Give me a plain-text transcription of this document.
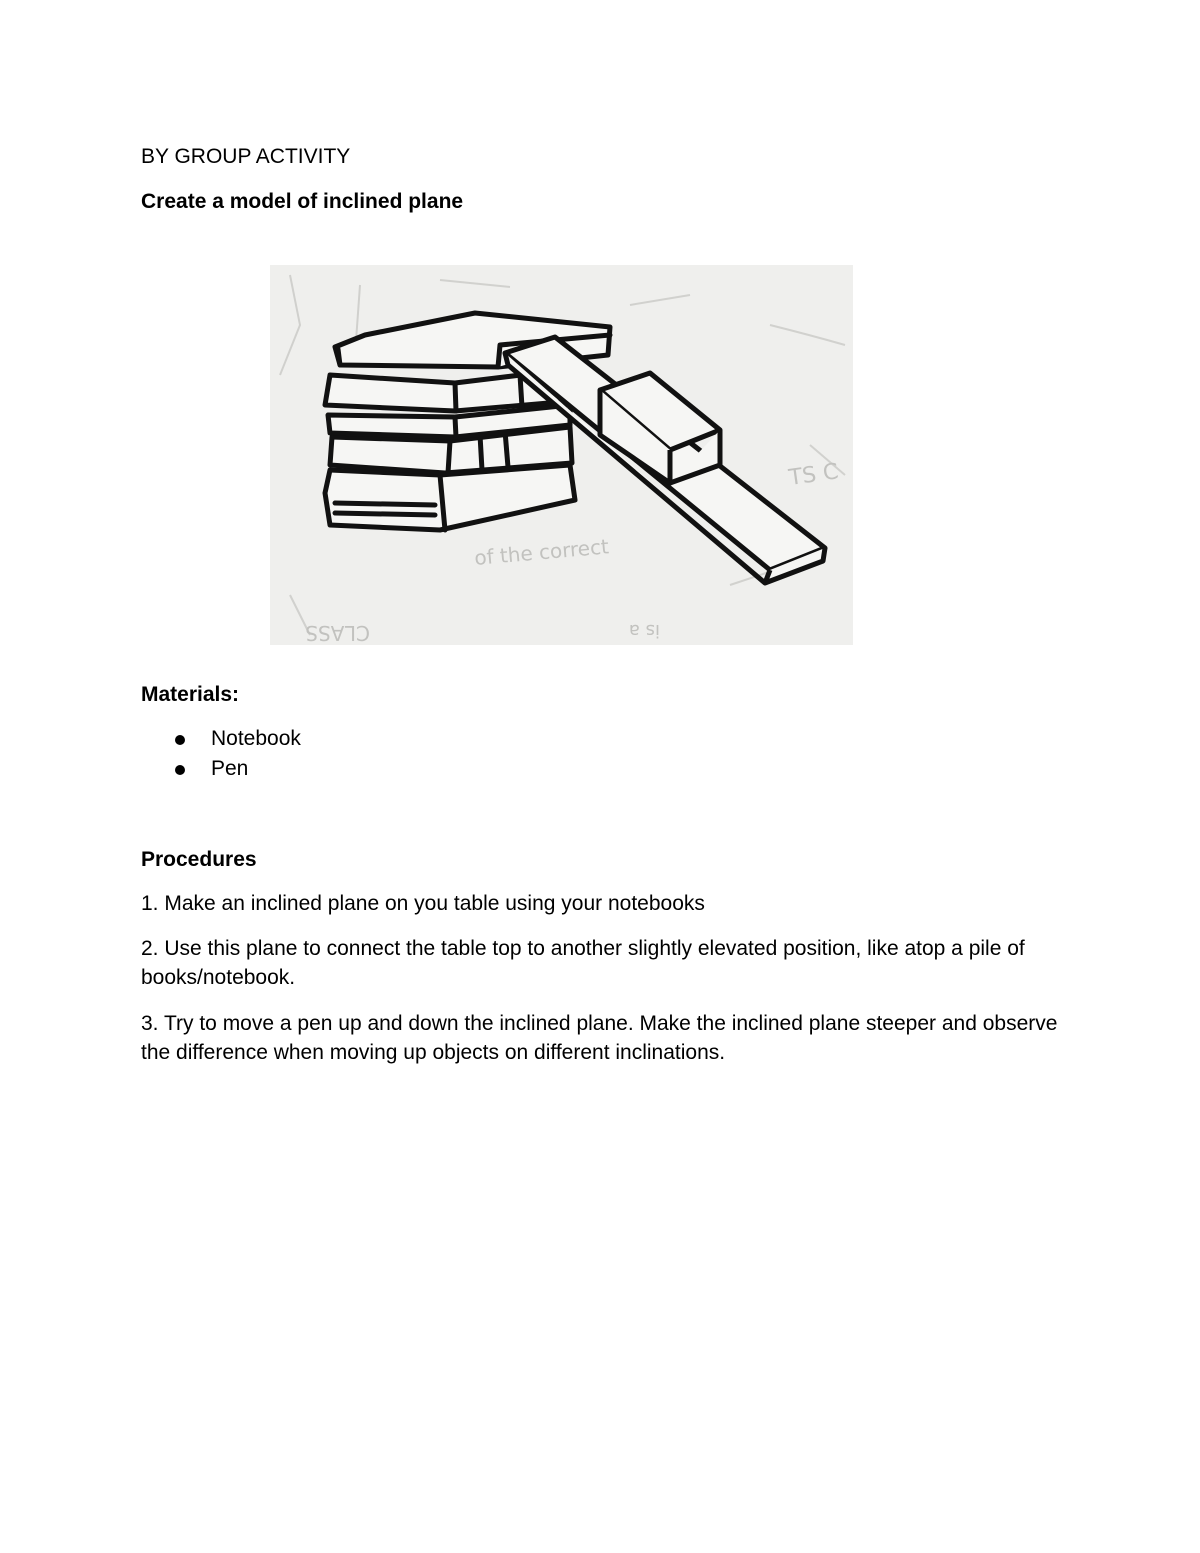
BY GROUP ACTIVITY
Create a model of inclined plane
TS C
of the correct
CLASS	is a
Materials:
Notebook
Pen
Procedures
1. Make an inclined plane on you table using your notebooks
2. Use this plane to connect the table top to another slightly elevated position, like atop a pile of books/notebook.
3. Try to move a pen up and down the inclined plane. Make the inclined plane steeper and observe the difference when moving up objects on different inclinations.
